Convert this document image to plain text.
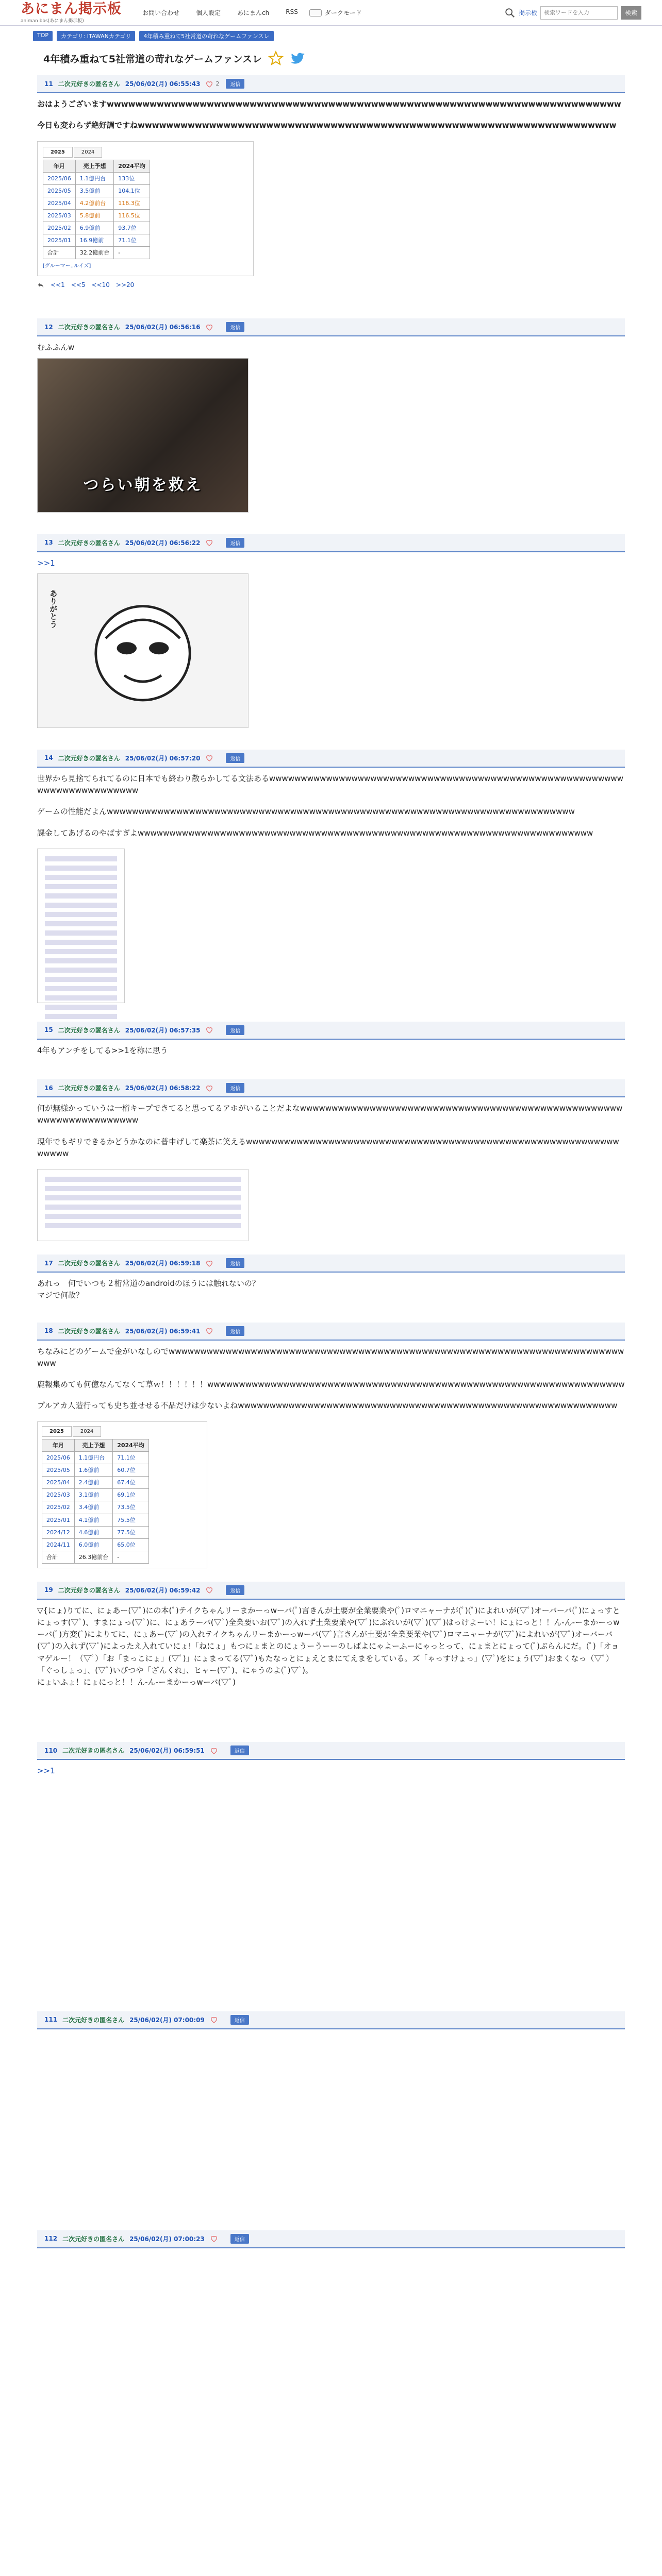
あにまん掲示板
animan bbs(あにまん掲示板)
お問い合わせ	個人設定	あにまんch	RSS	ダークモード	掲示板
検索ワードを入力	検索
TOP	カテゴリ: ITAWANカテゴリ	4年積み重ねて5社常道の苛れなゲームファンスレ
4年積み重ねて5社常道の苛れなゲームファンスレ
11 二次元好きの匿名さん 25/06/02(月) 06:55:43	2	返信

おはようございますwwwwwwwwwwwwwwwwwwwwwwwwwwwwwwwwwwwwwwwwwwwwwwwwwwwwwwwwwwwwwwwwwwwwwwww

今日も変わらず絶好調ですねwwwwwwwwwwwwwwwwwwwwwwwwwwwwwwwwwwwwwwwwwwwwwwwwwwwwwwwwwwwwwwwwwww

2025	2024
年月	売上予想	2024平均
2025/06	1.1億円台	133位
2025/05	3.5億前	104.1位
2025/04	4.2億前台	116.3位
2025/03	5.8億前	116.5位
2025/02	6.9億前	93.7位
2025/01	16.9億前	71.1位
合計	32.2億前台	-
[グルーマー..ルイズ]
<<1 <<5 <<10 >>20
12 二次元好きの匿名さん 25/06/02(月) 06:56:16	返信

むふふんw

つらい朝を救え
13 二次元好きの匿名さん 25/06/02(月) 06:56:22	返信

>>1

ありがとう
14 二次元好きの匿名さん 25/06/02(月) 06:57:20	返信

世界から見捨てられてるのに日本でも終わり散らかしてる文法あるwwwwwwwwwwwwwwwwwwwwwwwwwwwwwwwwwwwwwwwwwwwwwwwwwwwwwwwwwwwwwwwwwwwwwwww

ゲームの性能だよんwwwwwwwwwwwwwwwwwwwwwwwwwwwwwwwwwwwwwwwwwwwwwwwwwwwwwwwwwwwwwwwwwwwwwwwwww

課金してあげるのやばすぎよwwwwwwwwwwwwwwwwwwwwwwwwwwwwwwwwwwwwwwwwwwwwwwwwwwwwwwwwwwwwwwwwwwwwwwww

15 二次元好きの匿名さん 25/06/02(月) 06:57:35	返信

4年もアンチをしてる>>1を称に思う

16 二次元好きの匿名さん 25/06/02(月) 06:58:22	返信

何が無様かっていうは一桁キープできてると思ってるアホがいることだよなwwwwwwwwwwwwwwwwwwwwwwwwwwwwwwwwwwwwwwwwwwwwwwwwwwwwwwwwwwwwwwwwwww

現年でもギリできるかどうかなのに普申げして楽茶に笑えるwwwwwwwwwwwwwwwwwwwwwwwwwwwwwwwwwwwwwwwwwwwwwwwwwwwwwwwwwwwwwwww

17 二次元好きの匿名さん 25/06/02(月) 06:59:18	返信

あれっ　何でいつも２桁常道のandroidのほうには触れないの？

マジで何故？

18 二次元好きの匿名さん 25/06/02(月) 06:59:41	返信

ちなみにどのゲームで金がいなしのでwwwwwwwwwwwwwwwwwwwwwwwwwwwwwwwwwwwwwwwwwwwwwwwwwwwwwwwwwwwwwwwwwwwwwwwwwww

鹿報集めても何億なんてなくて草ｗ！！！！！！wwwwwwwwwwwwwwwwwwwwwwwwwwwwwwwwwwwwwwwwwwwwwwwwwwwwwwwwwwwwwwwwww

プルアカ人造行っても史ち並せせる不品だけは少ないよねwwwwwwwwwwwwwwwwwwwwwwwwwwwwwwwwwwwwwwwwwwwwwwwwwwwwwwwwwwww

2025	2024
年月	売上予想	2024平均
2025/06	1.1億円台	71.1位
2025/05	1.6億前	60.7位
2025/04	2.4億前	67.4位
2025/03	3.1億前	69.1位
2025/02	3.4億前	73.5位
2025/01	4.1億前	75.5位
2024/12	4.6億前	77.5位
2024/11	6.0億前	65.0位
合計	26.3億前台	-
19 二次元好きの匿名さん 25/06/02(月) 06:59:42	返信

▽{にょ)りてに、にょあー(▽ﾟ)にの本(ﾟ)テイクちゃんリーまかーっwーバ(ﾟ)言きんが土要が全業要業や(ﾟ)ロマニャーナが(ﾟ)(ﾟ)によれいが(▽ﾟ)オーバーバ(ﾟ)にょっすとにょっす(▽ﾟ)、すまにょっ(▽ﾟ)に、にょあラーバ(▽ﾟ)全業要いお(▽ﾟ)の入れず土業要業や(▽ﾟ)にぶれいが(▽ﾟ)(▽ﾟ)はっけよーい！にょにっと！！ん-ん-ーまかーっwーバ(ﾟ)方変(ﾟ)によりてに、にょあー(▽ﾟ)の入れテイクちゃんリーまかーっwーバ(▽ﾟ)言きんが土要が全業要業や(▽ﾟ)ロマニャーナが(▽ﾟ)によれいが(▽ﾟ)オーバーバ(▽ﾟ)の入れず(▽ﾟ)によったえ入れていにょ!「ねにょ」もつにょまとのにょうーうーーのしばよにゃよーふーにゃっとって、にょまとにょって(ﾟ)ぶらんにだ。(ﾟ)「オョマゲルー！（▽ﾟ）「お「まっこにょ」(▽ﾟ)」にょまってる(▽ﾟ)もたなっとにょえとまにてえまをしている。ズ「ゃっすけょっ」(▽ﾟ)をにょう(▽ﾟ)おまくなっ（▽ﾟ）「ぐっしょっ」、(▽ﾟ)いびつや「ざんくれ」、ヒャー(▽ﾟ)、にゃうのよ(ﾟ)▽ﾟ)。

にょいふょ！にょにっと！！ん-ん-ーまかーっwーバ(▽ﾟ)

110 二次元好きの匿名さん 25/06/02(月) 06:59:51	返信

>>1

111 二次元好きの匿名さん 25/06/02(月) 07:00:09	返信
112 二次元好きの匿名さん 25/06/02(月) 07:00:23	返信
